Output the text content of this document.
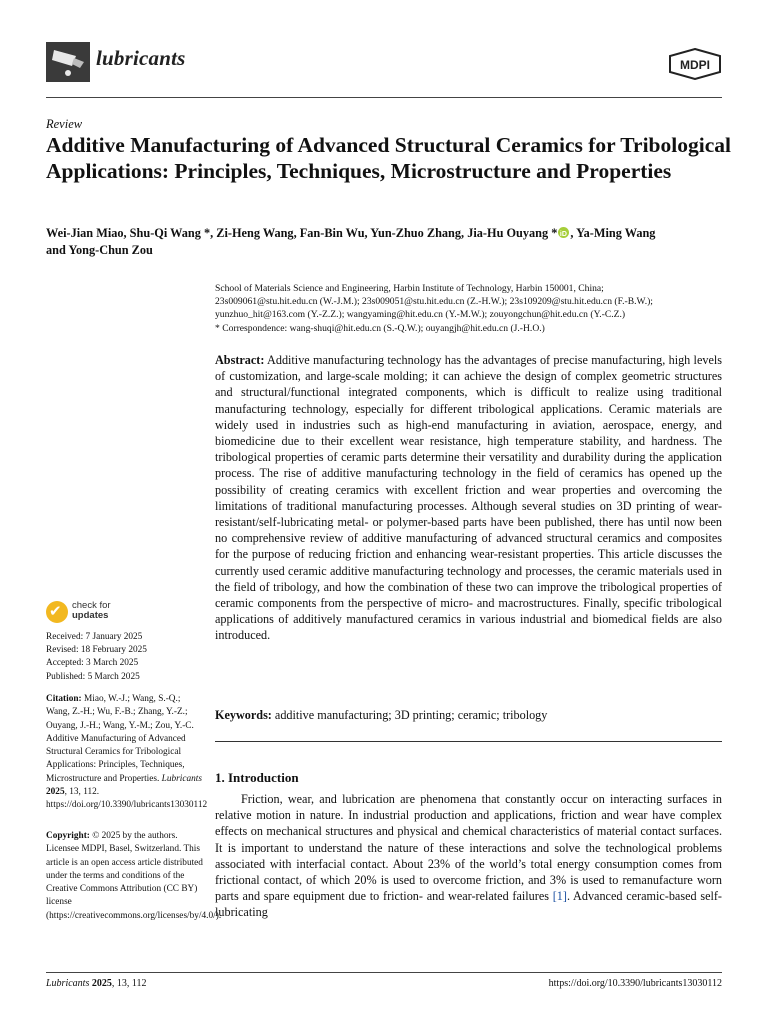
lubricants	MDPI
Review
Additive Manufacturing of Advanced Structural Ceramics for Tribological Applications: Principles, Techniques, Microstructure and Properties
Wei-Jian Miao, Shu-Qi Wang *, Zi-Heng Wang, Fan-Bin Wu, Yun-Zhuo Zhang, Jia-Hu Ouyang *iD , Ya-Ming Wang
and Yong-Chun Zou
School of Materials Science and Engineering, Harbin Institute of Technology, Harbin 150001, China;
23s009061@stu.hit.edu.cn (W.-J.M.); 23s009051@stu.hit.edu.cn (Z.-H.W.); 23s109209@stu.hit.edu.cn (F.-B.W.);
yunzhuo_hit@163.com (Y.-Z.Z.); wangyaming@hit.edu.cn (Y.-M.W.); zouyongchun@hit.edu.cn (Y.-C.Z.)
* Correspondence: wang-shuqi@hit.edu.cn (S.-Q.W.); ouyangjh@hit.edu.cn (J.-H.O.)
Abstract: Additive manufacturing technology has the advantages of precise manufacturing, high levels of customization, and large-scale molding; it can achieve the design of complex geometric structures and structural/functional integrated components, which is difficult to realize using traditional manufacturing technology, especially for different tribological applications. Ceramic materials are widely used in industries such as high-end manufacturing in aviation, aerospace, energy, and biomedicine due to their excellent wear resistance, high temperature stability, and hardness. The tribological properties of ceramic parts determine their versatility and durability during the application process. The rise of additive manufacturing technology in the field of ceramics has opened up the possibility of creating ceramics with excellent friction and wear properties and overcoming the limitations of traditional manufacturing processes. Although several studies on 3D printing of wear-resistant/self-lubricating metal- or polymer-based parts have been published, there has until now been no comprehensive review of additive manufacturing of advanced structural ceramics and composites for the purpose of reducing friction and enhancing wear-resistant properties. This article discusses the currently used ceramic additive manufacturing technology and processes, the ceramic materials used in the field of tribology, and how the combination of these two can improve the tribological properties of ceramic components from the perspective of micro- and macrostructures. Finally, specific tribological applications of additively manufactured ceramics in various industrial and biomedical fields are also introduced.
Keywords: additive manufacturing; 3D printing; ceramic; tribology
1. Introduction
Friction, wear, and lubrication are phenomena that constantly occur on interacting surfaces in relative motion in nature. In industrial production and applications, friction and wear have complex effects on mechanical structures and physical and chemical characteristics of material contact surfaces. It is important to understand the nature of these interactions and solve the technological problems associated with interfacial contact. About 23% of the world’s total energy consumption comes from frictional contact, of which 20% is used to overcome friction, and 3% is used to remanufacture worn parts and spare equipment due to friction- and wear-related failures [1]. Advanced ceramic-based self-lubricating
✔ check for
updates
Received: 7 January 2025
Revised: 18 February 2025
Accepted: 3 March 2025
Published: 5 March 2025
Citation: Miao, W.-J.; Wang, S.-Q.; Wang, Z.-H.; Wu, F.-B.; Zhang, Y.-Z.; Ouyang, J.-H.; Wang, Y.-M.; Zou, Y.-C. Additive Manufacturing of Advanced Structural Ceramics for Tribological Applications: Principles, Techniques, Microstructure and Properties. Lubricants 2025, 13, 112. https://doi.org/10.3390/lubricants13030112
Copyright: © 2025 by the authors. Licensee MDPI, Basel, Switzerland. This article is an open access article distributed under the terms and conditions of the Creative Commons Attribution (CC BY) license (https://creativecommons.org/licenses/by/4.0/).
Lubricants 2025, 13, 112	https://doi.org/10.3390/lubricants13030112
